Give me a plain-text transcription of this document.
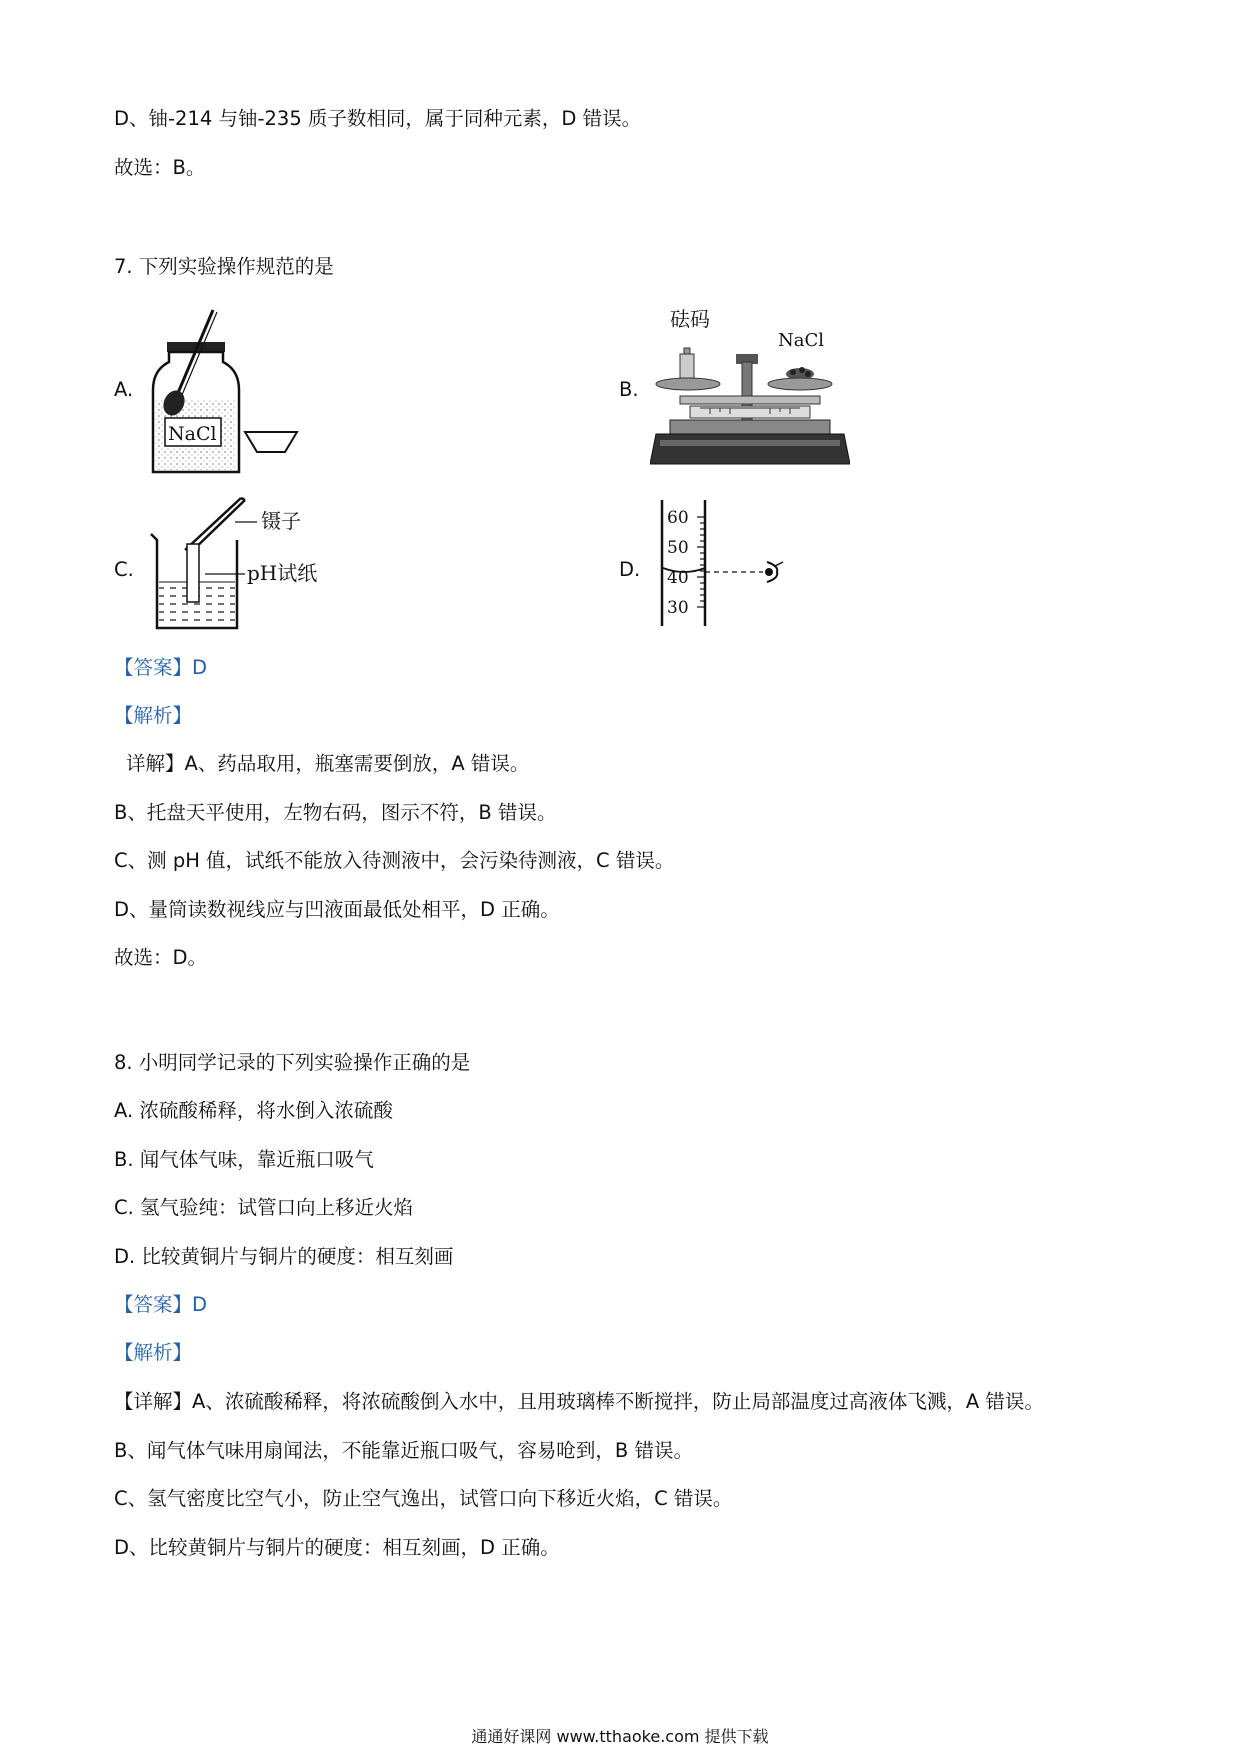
D、铀-214 与铀-235 质子数相同，属于同种元素，D 错误。
故选：B。
7. 下列实验操作规范的是
A.	B.
C.	D.
NaCl
砝码
NaCl
镊子
pH试纸
60
50
40
30
【答案】D
【解析】
详解】A、药品取用，瓶塞需要倒放，A 错误。
B、托盘天平使用，左物右码，图示不符，B 错误。
C、测 pH 值，试纸不能放入待测液中，会污染待测液，C 错误。
D、量筒读数视线应与凹液面最低处相平，D 正确。
故选：D。
8. 小明同学记录的下列实验操作正确的是
A. 浓硫酸稀释，将水倒入浓硫酸
B. 闻气体气味，靠近瓶口吸气
C. 氢气验纯：试管口向上移近火焰
D. 比较黄铜片与铜片的硬度：相互刻画
【答案】D
【解析】
【详解】A、浓硫酸稀释，将浓硫酸倒入水中，且用玻璃棒不断搅拌，防止局部温度过高液体飞溅，A 错误。
B、闻气体气味用扇闻法，不能靠近瓶口吸气，容易呛到，B 错误。
C、氢气密度比空气小，防止空气逸出，试管口向下移近火焰，C 错误。
D、比较黄铜片与铜片的硬度：相互刻画，D 正确。
通通好课网 www.tthaoke.com 提供下载
